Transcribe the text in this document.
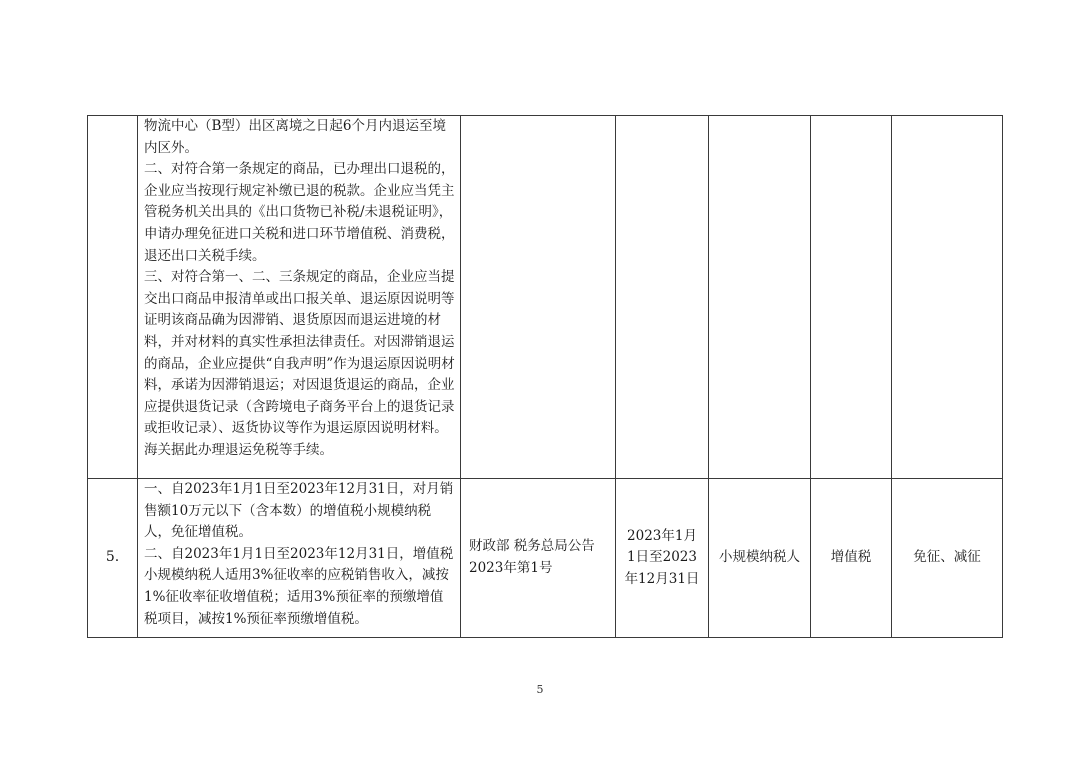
	物流中心（B型）出区离境之日起6个月内退运至境内区外。
二、对符合第一条规定的商品，已办理出口退税的，企业应当按现行规定补缴已退的税款。企业应当凭主管税务机关出具的《出口货物已补税/未退税证明》，申请办理免征进口关税和进口环节增值税、消费税，退还出口关税手续。
三、对符合第一、二、三条规定的商品，企业应当提交出口商品申报清单或出口报关单、退运原因说明等证明该商品确为因滞销、退货原因而退运进境的材料，并对材料的真实性承担法律责任。对因滞销退运的商品，企业应提供“自我声明”作为退运原因说明材料，承诺为因滞销退运；对因退货退运的商品，企业应提供退货记录（含跨境电子商务平台上的退货记录或拒收记录）、返货协议等作为退运原因说明材料。海关据此办理退运免税等手续。					

5.	一、自2023年1月1日至2023年12月31日，对月销售额10万元以下（含本数）的增值税小规模纳税人，免征增值税。
二、自2023年1月1日至2023年12月31日，增值税小规模纳税人适用3%征收率的应税销售收入，减按1%征收率征收增值税；适用3%预征率的预缴增值税项目，减按1%预征率预缴增值税。	财政部 税务总局公告2023年第1号	2023年1月1日至2023年12月31日	小规模纳税人	增值税	免征、减征
5
